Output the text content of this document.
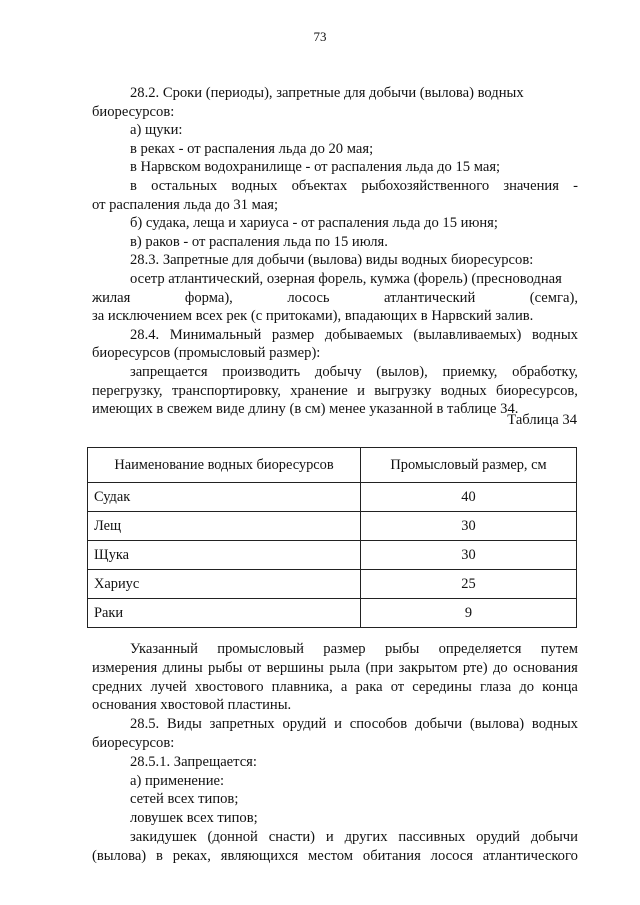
73
28.2. Сроки (периоды), запретные для добычи (вылова) водных
биоресурсов:
а) щуки:
в реках - от распаления льда до 20 мая;
в Нарвском водохранилище - от распаления льда до 15 мая;
в остальных водных объектах рыбохозяйственного значения -
от распаления льда до 31 мая;
б) судака, леща и хариуса - от распаления льда до 15 июня;
в) раков - от распаления льда по 15 июля.
28.3. Запретные для добычи (вылова) виды водных биоресурсов:
осетр атлантический, озерная форель, кумжа (форель) (пресноводная
жилая	форма),	лосось	атлантический	(семга),
за исключением всех рек (с притоками), впадающих в Нарвский залив.
28.4. Минимальный размер добываемых (вылавливаемых) водных
биоресурсов (промысловый размер):
запрещается производить добычу (вылов), приемку, обработку,
перегрузку, транспортировку, хранение и выгрузку водных биоресурсов,
имеющих в свежем виде длину (в см) менее указанной в таблице 34.
Таблица 34
Наименование водных биоресурсов	Промысловый размер, см
Судак	40
Лещ	30
Щука	30
Хариус	25
Раки	9
Указанный промысловый размер рыбы определяется путем
измерения длины рыбы от вершины рыла (при закрытом рте) до основания
средних лучей хвостового плавника, а рака от середины глаза до конца
основания хвостовой пластины.
28.5. Виды запретных орудий и способов добычи (вылова) водных
биоресурсов:
28.5.1. Запрещается:
а) применение:
сетей всех типов;
ловушек всех типов;
закидушек (донной снасти) и других пассивных орудий добычи
(вылова) в реках, являющихся местом обитания лосося атлантического
